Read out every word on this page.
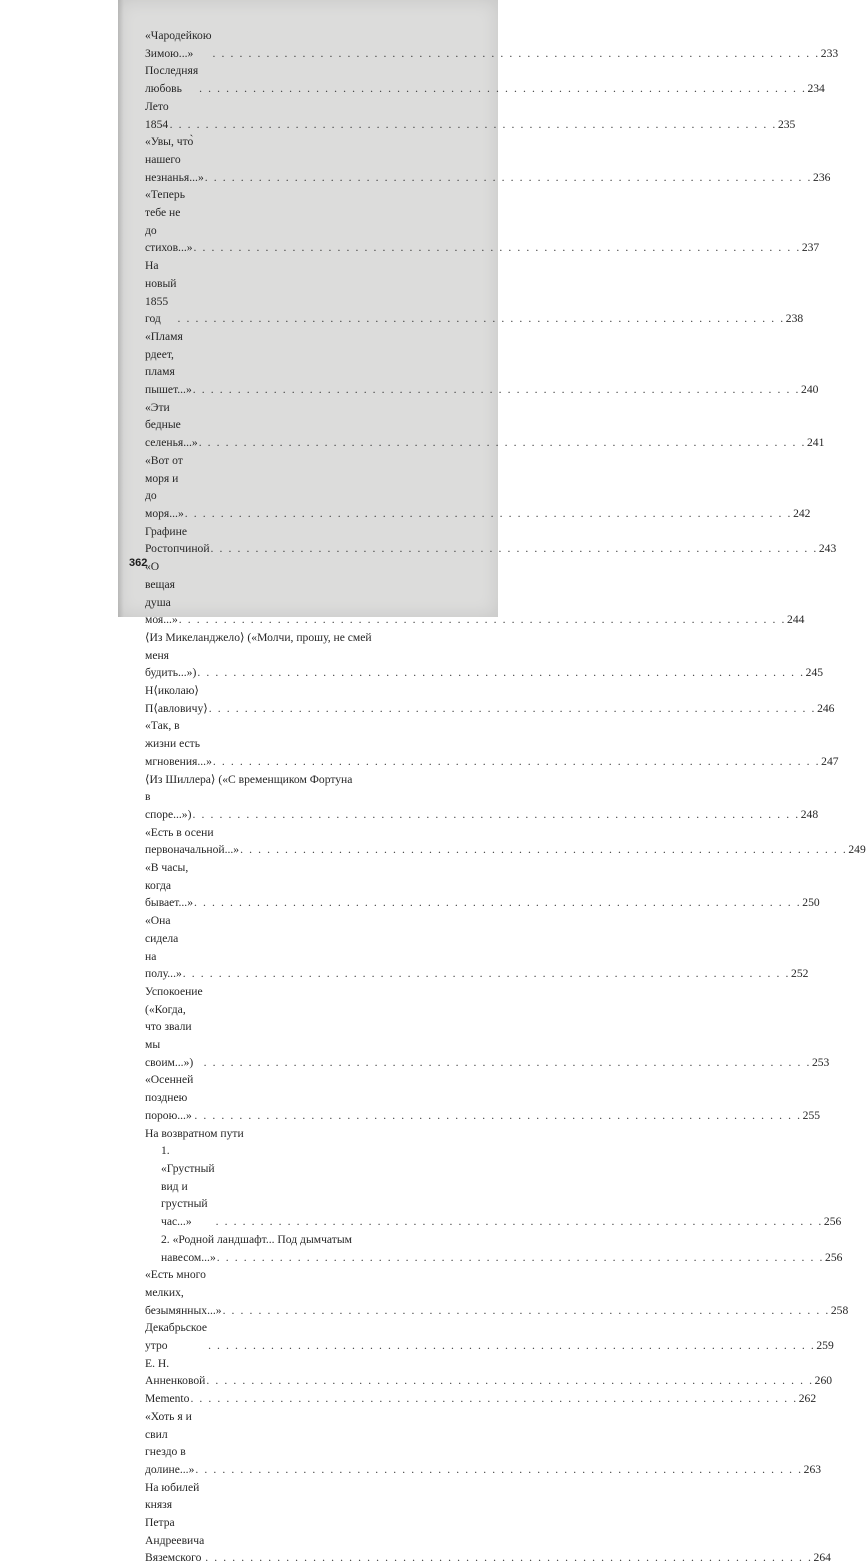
«Чародейкою Зимою...» . . .	233
Последняя любовь . . .	234
Лето 1854 . . .	235
«Увы, что̀ нашего незнанья...» . . .	236
«Теперь тебе не до стихов...» . . .	237
На новый 1855 год . . .	238
«Пламя рдеет, пламя пышет...» . . .	240
«Эти бедные селенья...» . . .	241
«Вот от моря и до моря...» . . .	242
Графине Ростопчиной . . .	243
«О вещая душа моя...» . . .	244
⟨Из Микеланджело⟩ («Молчи, прошу, не смей
меня будить...») . . .	245
Н⟨иколаю⟩ П⟨авловичу⟩ . . .	246
«Так, в жизни есть мгновения...» . . .	247
⟨Из Шиллера⟩ («С временщиком Фортуна
в споре...») . . .	248
«Есть в осени первоначальной...» . . .	249
«В часы, когда бывает...» . . .	250
«Она сидела на полу...» . . .	252
Успокоение («Когда, что звали мы своим...») . . .	253
«Осенней позднею порою...» . . .	255
На возвратном пути
1. «Грустный вид и грустный час...» . . .	256
2. «Родной ландшафт... Под дымчатым
навесом...» . . .	256
«Есть много мелких, безымянных...» . . .	258
Декабрьское утро . . .	259
Е. Н. Анненковой . . .	260
Memento . . .	262
«Хоть я и свил гнездо в долине...» . . .	263
На юбилей князя Петра Андреевича Вяземского . . .	264
362
